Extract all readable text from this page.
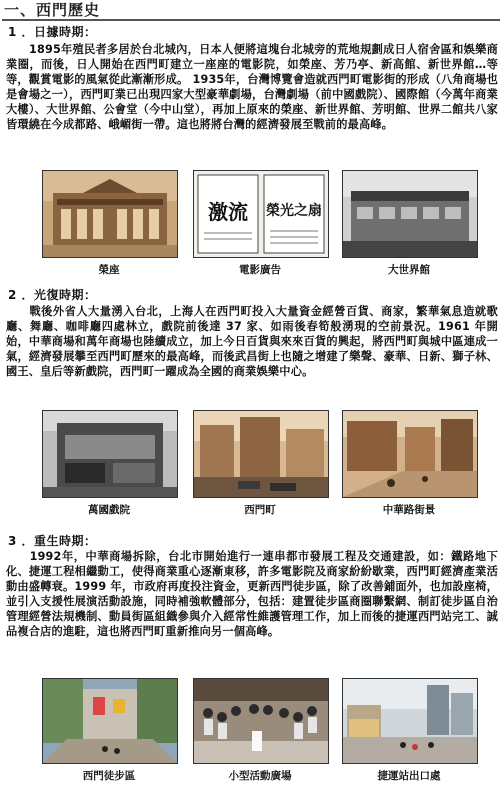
一、西門歷史
1 ．日據時期：
　　1895年殖民者多居於台北城內，日本人便將這塊台北城旁的荒地規劃成日人宿舍區和娛樂商業圈，而後，日人開始在西門町建立一座座的電影院，如榮座、芳乃亭、新高館、新世界館…等等，觀賞電影的風氣從此漸漸形成。 1935年，台灣博覽會造就西門町電影街的形成（八角商場也是會場之一），西門町業已出現四家大型豪華劇場，台灣劇場（前中國戲院）、國際館（今萬年商業大樓）、大世界館、公會堂（今中山堂），再加上原來的榮座、新世界館、芳明館、世界二館共八家皆環繞在今成都路、峨嵋街一帶。這也將將台灣的經濟發展至戰前的最高峰。
激流 榮光之扇
榮座	電影廣告	大世界館
2 ．光復時期：
　　戰後外省人大量湧入台北，上海人在西門町投入大量資金經營百貨、商家，繁華氣息造就歌廳、舞廳、咖啡廳四處林立，戲院前後達 37 家、如雨後春筍般湧現的空前景況。1961 年開始，中華商場和萬年商場也陸續成立，加上今日百貨與來來百貨的興起，將西門町與城中區連成一氣，經濟發展攀至西門町歷來的最高峰，而後武昌街上也隨之增建了樂聲、豪華、日新、獅子林、國王、皇后等新戲院，西門町一躍成為全國的商業娛樂中心。
萬國戲院	西門町	中華路街景
3 ．重生時期：
　　1992年，中華商場拆除，台北市開始進行一連串都市發展工程及交通建設，如：鐵路地下化、捷運工程相繼動工，使得商業重心逐漸東移，許多電影院及商家紛紛歇業，西門町經濟產業活動由盛轉衰。1999 年，市政府再度投注資金，更新西門徒步區，除了改善鋪面外，也加設座椅，並引入支援性展演活動設施，同時補強軟體部分，包括：建置徒步區商圈聯繫網、制訂徒步區自治管理經營法規機制、動員街區組織參與介入經常性維護管理工作，加上而後的捷運西門站完工、誠品複合店的進駐，這也將西門町重新推向另一個高峰。
西門徒步區	小型活動廣場	捷運站出口處
